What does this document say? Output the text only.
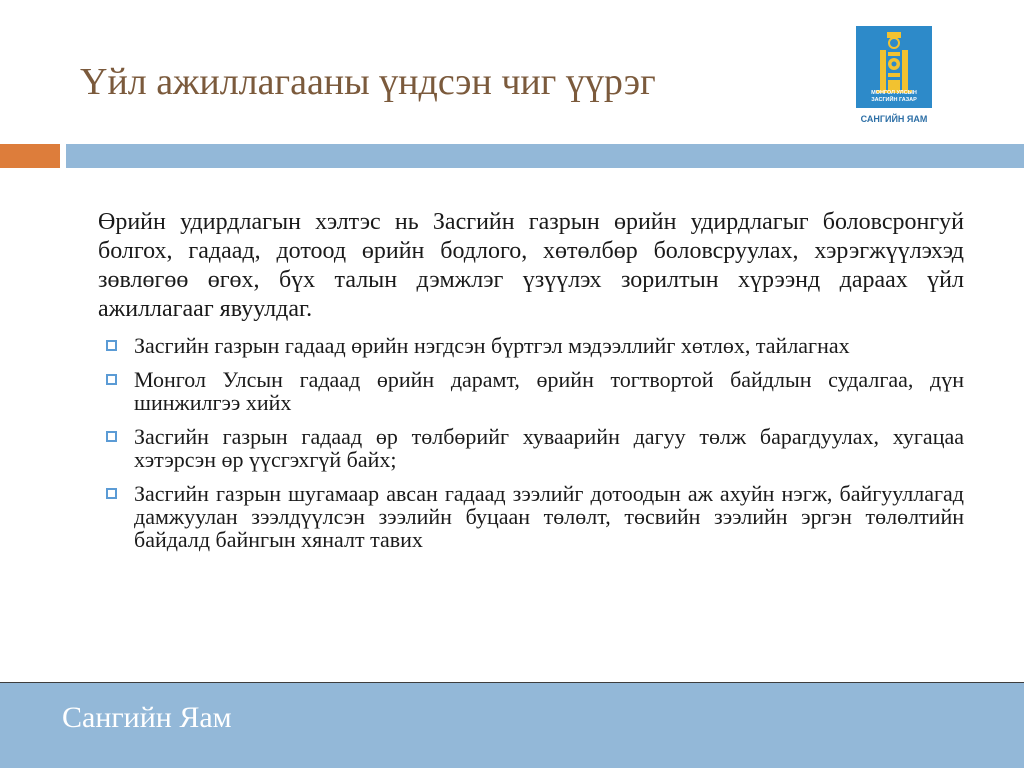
Үйл ажиллагааны үндсэн чиг үүрэг	МОНГОЛ УЛСЫН
ЗАСГИЙН ГАЗАР
САНГИЙН ЯАМ

Өрийн удирдлагын хэлтэс нь Засгийн газрын өрийн удирдлагыг боловсронгуй болгох, гадаад, дотоод өрийн бодлого, хөтөлбөр боловсруулах, хэрэгжүүлэхэд зөвлөгөө өгөх, бүх талын дэмжлэг үзүүлэх зорилтын хүрээнд дараах үйл ажиллагааг явуулдаг.

Засгийн газрын гадаад өрийн нэгдсэн бүртгэл мэдээллийг хөтлөх, тайлагнах
Монгол Улсын гадаад өрийн дарамт, өрийн тогтвортой байдлын судалгаа, дүн шинжилгээ хийх
Засгийн газрын гадаад өр төлбөрийг хуваарийн дагуу төлж барагдуулах, хугацаа хэтэрсэн өр үүсгэхгүй байх;
Засгийн газрын шугамаар авсан гадаад зээлийг дотоодын аж ахуйн нэгж, байгууллагад дамжуулан зээлдүүлсэн зээлийн буцаан төлөлт, төсвийн зээлийн эргэн төлөлтийн байдалд байнгын хяналт тавих
Сангийн Яам
